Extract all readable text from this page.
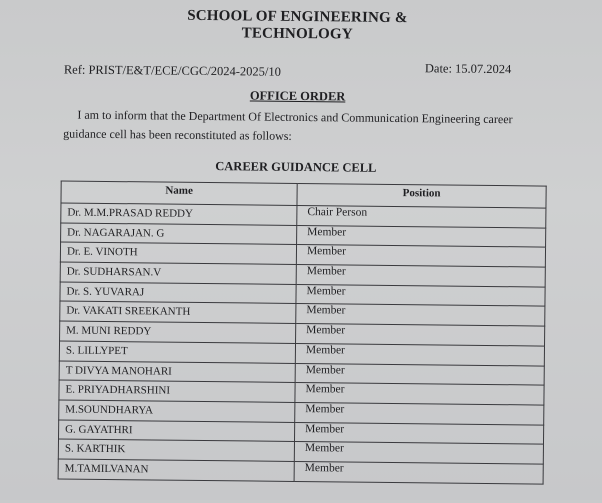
SCHOOL OF ENGINEERING & TECHNOLOGY
Ref: PRIST/E&T/ECE/CGC/2024-2025/10	Date: 15.07.2024
OFFICE ORDER
I am to inform that the Department Of Electronics and Communication Engineering career guidance cell has been reconstituted as follows:
CAREER GUIDANCE CELL
Name	Position
Dr. M.M.PRASAD REDDY	Chair Person
Dr. NAGARAJAN. G	Member
Dr. E. VINOTH	Member
Dr. SUDHARSAN.V	Member
Dr. S. YUVARAJ	Member
Dr. VAKATI SREEKANTH	Member
M. MUNI REDDY	Member
S. LILLYPET	Member
T DIVYA MANOHARI	Member
E. PRIYADHARSHINI	Member
M.SOUNDHARYA	Member
G. GAYATHRI	Member
S. KARTHIK	Member
M.TAMILVANAN	Member
